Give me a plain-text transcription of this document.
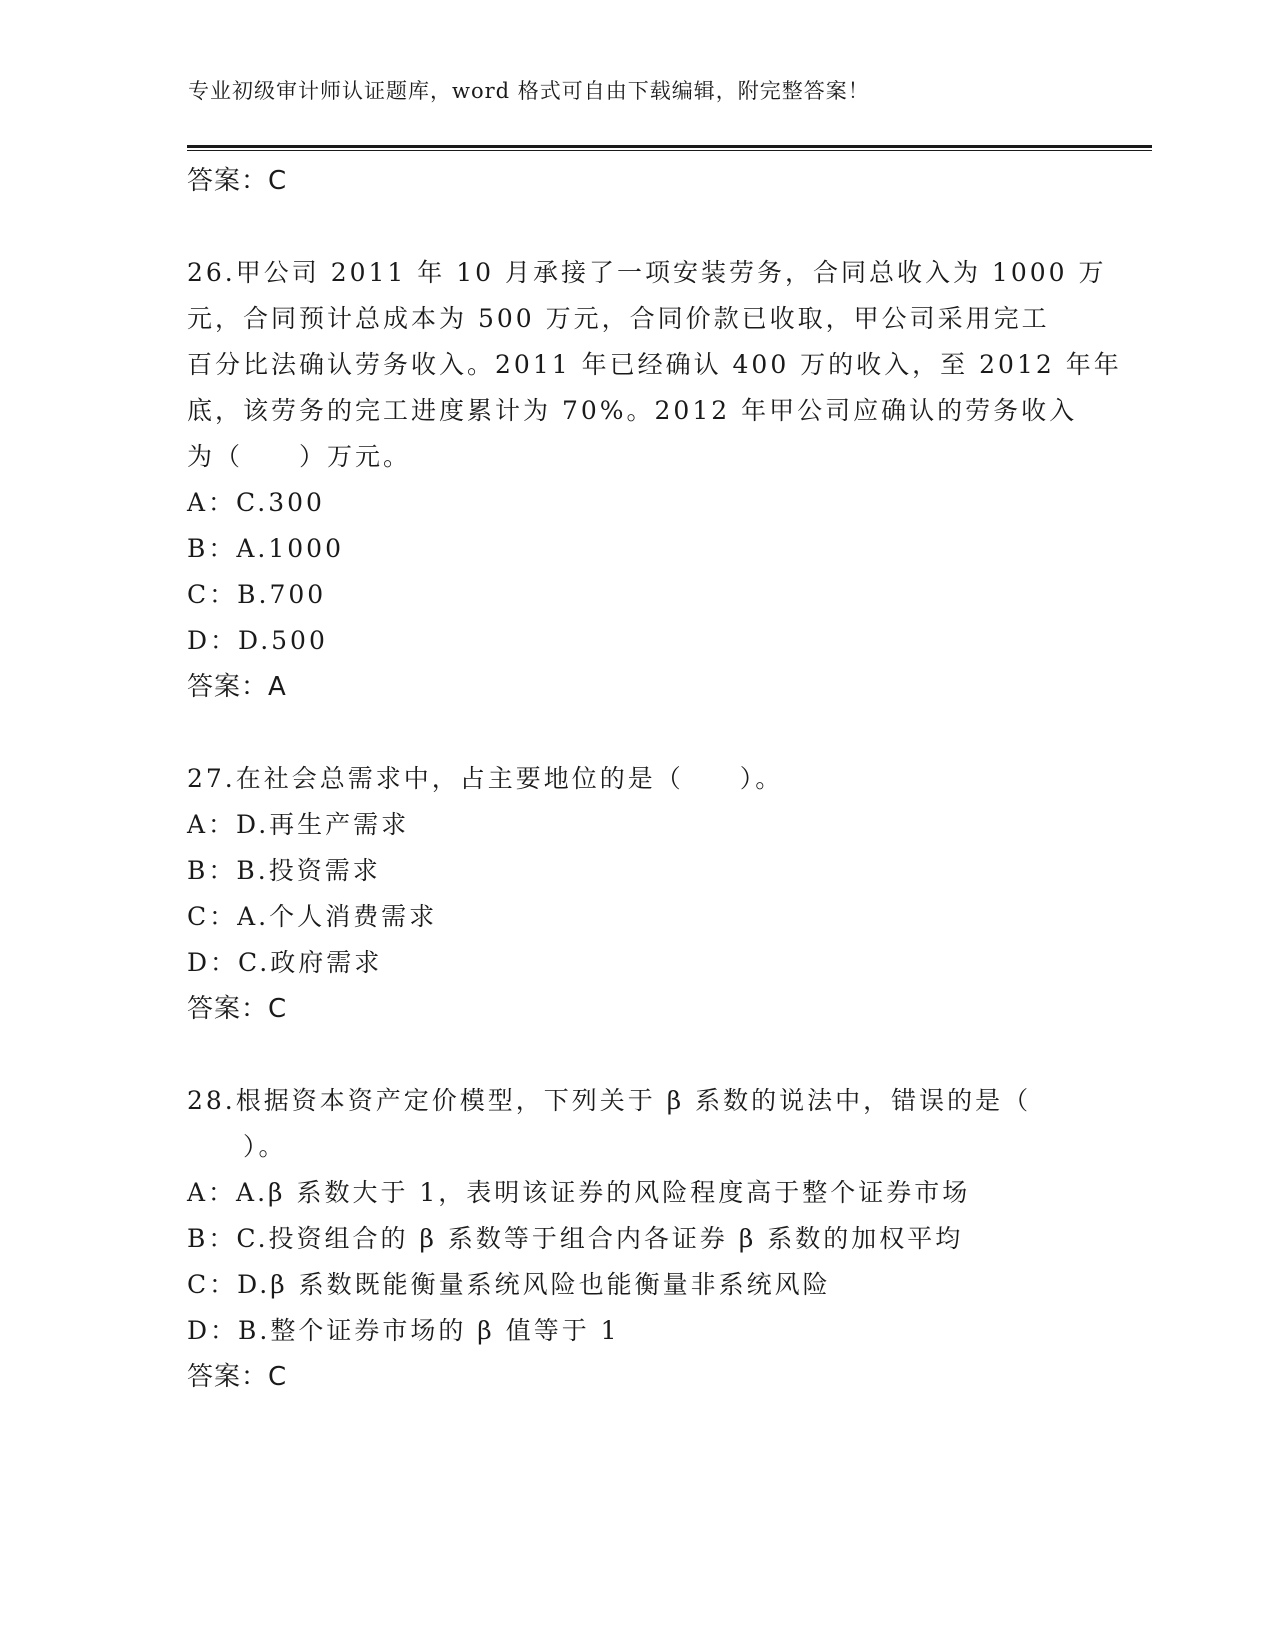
专业初级审计师认证题库，word 格式可自由下载编辑，附完整答案！
答案：C
26.甲公司 2011 年 10 月承接了一项安装劳务，合同总收入为 1000 万
元，合同预计总成本为 500 万元，合同价款已收取，甲公司采用完工
百分比法确认劳务收入。2011 年已经确认 400 万的收入，至 2012 年年
底，该劳务的完工进度累计为 70%。2012 年甲公司应确认的劳务收入
为（　　）万元。
A：C.300
B：A.1000
C：B.700
D：D.500
答案：A
27.在社会总需求中，占主要地位的是（　　）。
A：D.再生产需求
B：B.投资需求
C：A.个人消费需求
D：C.政府需求
答案：C
28.根据资本资产定价模型，下列关于 β 系数的说法中，错误的是（
　　）。
A：A.β 系数大于 1，表明该证券的风险程度高于整个证券市场
B：C.投资组合的 β 系数等于组合内各证券 β 系数的加权平均
C：D.β 系数既能衡量系统风险也能衡量非系统风险
D：B.整个证券市场的 β 值等于 1
答案：C
